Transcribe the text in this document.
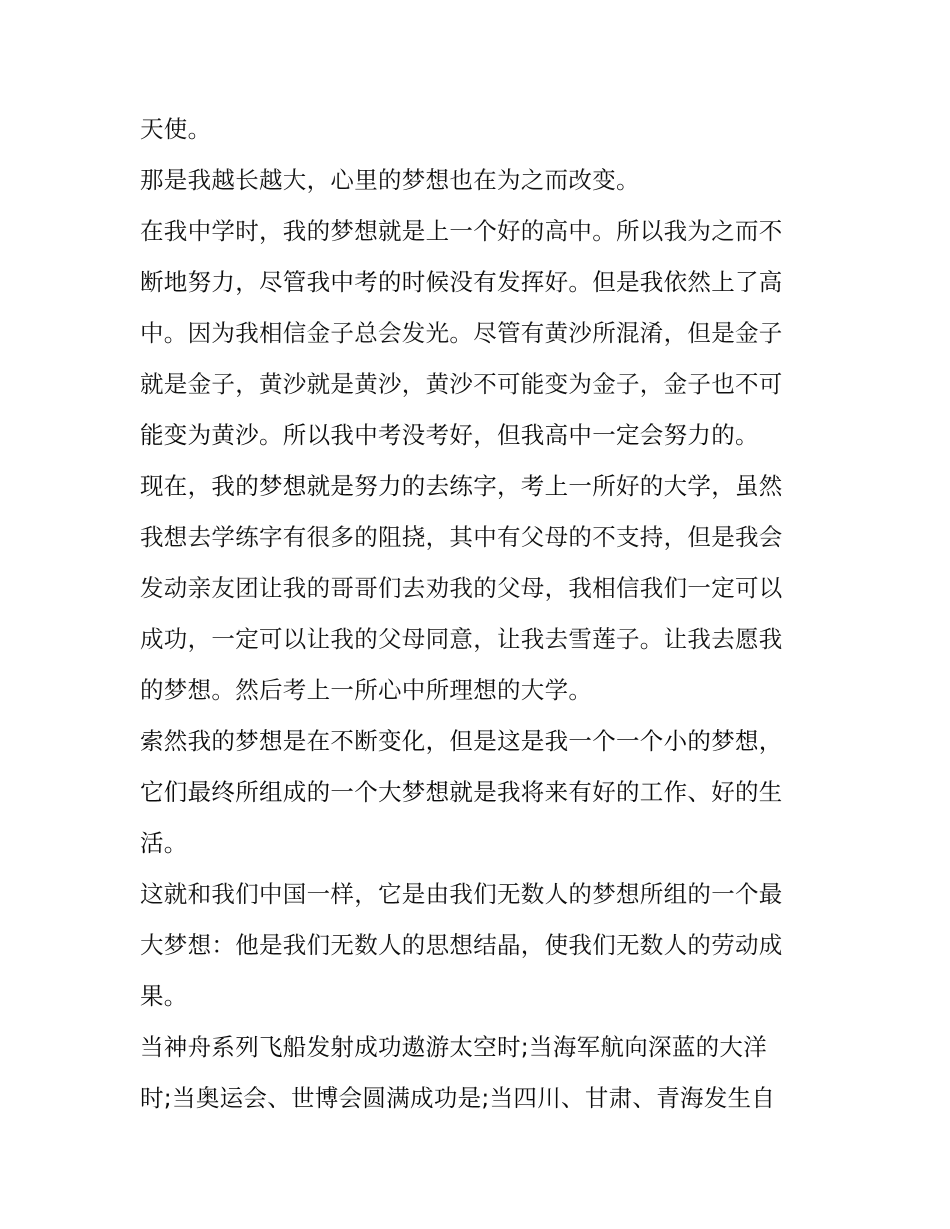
天使。
那是我越长越大，心里的梦想也在为之而改变。
在我中学时，我的梦想就是上一个好的高中。所以我为之而不
断地努力，尽管我中考的时候没有发挥好。但是我依然上了高
中。因为我相信金子总会发光。尽管有黄沙所混淆，但是金子
就是金子，黄沙就是黄沙，黄沙不可能变为金子，金子也不可
能变为黄沙。所以我中考没考好，但我高中一定会努力的。
现在，我的梦想就是努力的去练字，考上一所好的大学，虽然
我想去学练字有很多的阻挠，其中有父母的不支持，但是我会
发动亲友团让我的哥哥们去劝我的父母，我相信我们一定可以
成功，一定可以让我的父母同意，让我去雪莲子。让我去愿我
的梦想。然后考上一所心中所理想的大学。
索然我的梦想是在不断变化，但是这是我一个一个小的梦想，
它们最终所组成的一个大梦想就是我将来有好的工作、好的生
活。
这就和我们中国一样，它是由我们无数人的梦想所组的一个最
大梦想：他是我们无数人的思想结晶，使我们无数人的劳动成
果。
当神舟系列飞船发射成功遨游太空时;当海军航向深蓝的大洋
时;当奥运会、世博会圆满成功是;当四川、甘肃、青海发生自
